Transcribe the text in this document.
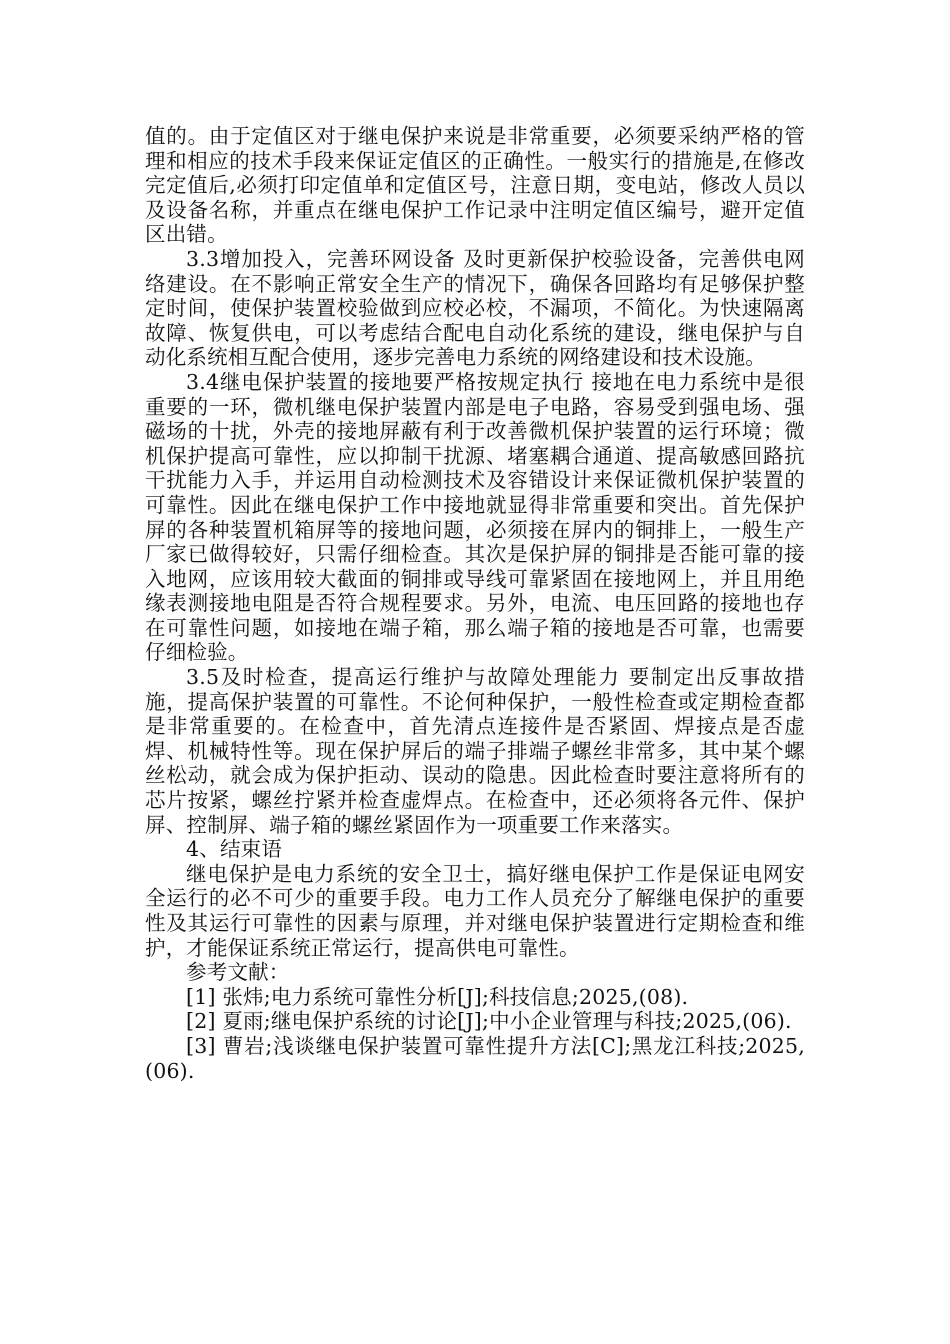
值的。由于定值区对于继电保护来说是非常重要，必须要采纳严格的管理和相应的技术手段来保证定值区的正确性。一般实行的措施是,在修改完定值后,必须打印定值单和定值区号，注意日期，变电站，修改人员以及设备名称，并重点在继电保护工作记录中注明定值区编号，避开定值区出错。

3.3增加投入，完善环网设备 及时更新保护校验设备，完善供电网络建设。在不影响正常安全生产的情况下，确保各回路均有足够保护整定时间，使保护装置校验做到应校必校，不漏项，不简化。为快速隔离故障、恢复供电，可以考虑结合配电自动化系统的建设，继电保护与自动化系统相互配合使用，逐步完善电力系统的网络建设和技术设施。

3.4继电保护装置的接地要严格按规定执行 接地在电力系统中是很重要的一环，微机继电保护装置内部是电子电路，容易受到强电场、强磁场的十扰，外壳的接地屏蔽有利于改善微机保护装置的运行环境；微机保护提高可靠性，应以抑制干扰源、堵塞耦合通道、提高敏感回路抗干扰能力入手，并运用自动检测技术及容错设计来保证微机保护装置的可靠性。因此在继电保护工作中接地就显得非常重要和突出。首先保护屏的各种装置机箱屏等的接地问题，必须接在屏内的铜排上，一般生产厂家已做得较好，只需仔细检查。其次是保护屏的铜排是否能可靠的接入地网，应该用较大截面的铜排或导线可靠紧固在接地网上，并且用绝缘表测接地电阻是否符合规程要求。另外，电流、电压回路的接地也存在可靠性问题，如接地在端子箱，那么端子箱的接地是否可靠，也需要仔细检验。

3.5及时检查，提高运行维护与故障处理能力 要制定出反事故措施，提高保护装置的可靠性。不论何种保护，一般性检查或定期检查都是非常重要的。在检查中，首先清点连接件是否紧固、焊接点是否虚焊、机械特性等。现在保护屏后的端子排端子螺丝非常多，其中某个螺丝松动，就会成为保护拒动、误动的隐患。因此检查时要注意将所有的芯片按紧，螺丝拧紧并检查虚焊点。在检查中，还必须将各元件、保护屏、控制屏、端子箱的螺丝紧固作为一项重要工作来落实。

4、结束语

继电保护是电力系统的安全卫士，搞好继电保护工作是保证电网安全运行的必不可少的重要手段。电力工作人员充分了解继电保护的重要性及其运行可靠性的因素与原理，并对继电保护装置进行定期检查和维护，才能保证系统正常运行，提高供电可靠性。

参考文献：

[1] 张炜;电力系统可靠性分析[J];科技信息;2025,(08).

[2] 夏雨;继电保护系统的讨论[J];中小企业管理与科技;2025,(06).

[3] 曹岩;浅谈继电保护装置可靠性提升方法[C];黑龙江科技;2025,(06).
